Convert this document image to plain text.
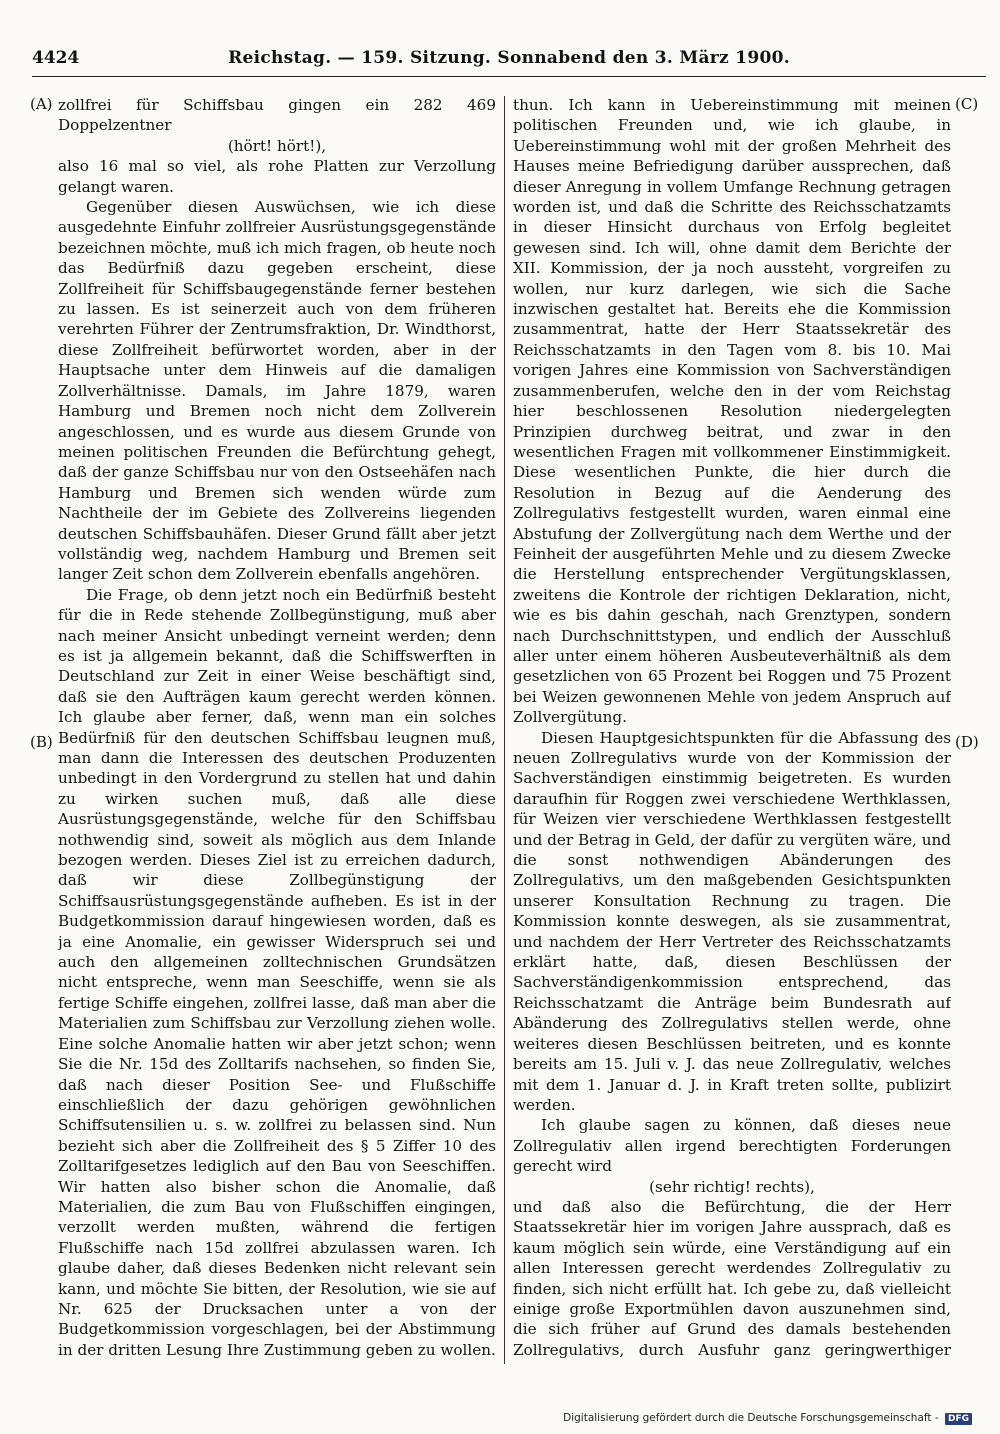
4424	Reichstag. — 159. Sitzung. Sonnabend den 3. März 1900.
(A)
(B)
(C)
(D)

zollfrei für Schiffsbau gingen ein 282 469 Doppelzentner

(hört! hört!),

also 16 mal so viel, als rohe Platten zur Verzollung gelangt waren.

Gegenüber diesen Auswüchsen, wie ich diese ausgedehnte Einfuhr zollfreier Ausrüstungsgegenstände bezeichnen möchte, muß ich mich fragen, ob heute noch das Bedürfniß dazu gegeben erscheint, diese Zollfreiheit für Schiffsbaugegenstände ferner bestehen zu lassen. Es ist seinerzeit auch von dem früheren verehrten Führer der Zentrumsfraktion, Dr. Windthorst, diese Zollfreiheit befürwortet worden, aber in der Hauptsache unter dem Hinweis auf die damaligen Zollverhältnisse. Damals, im Jahre 1879, waren Hamburg und Bremen noch nicht dem Zollverein angeschlossen, und es wurde aus diesem Grunde von meinen politischen Freunden die Befürchtung gehegt, daß der ganze Schiffsbau nur von den Ostseehäfen nach Hamburg und Bremen sich wenden würde zum Nachtheile der im Gebiete des Zollvereins liegenden deutschen Schiffsbauhäfen. Dieser Grund fällt aber jetzt vollständig weg, nachdem Hamburg und Bremen seit langer Zeit schon dem Zollverein ebenfalls angehören.

Die Frage, ob denn jetzt noch ein Bedürfniß besteht für die in Rede stehende Zollbegünstigung, muß aber nach meiner Ansicht unbedingt verneint werden; denn es ist ja allgemein bekannt, daß die Schiffswerften in Deutschland zur Zeit in einer Weise beschäftigt sind, daß sie den Aufträgen kaum gerecht werden können. Ich glaube aber ferner, daß, wenn man ein solches Bedürfniß für den deutschen Schiffsbau leugnen muß, man dann die Interessen des deutschen Produzenten unbedingt in den Vordergrund zu stellen hat und dahin zu wirken suchen muß, daß alle diese Ausrüstungsgegenstände, welche für den Schiffsbau nothwendig sind, soweit als möglich aus dem Inlande bezogen werden. Dieses Ziel ist zu erreichen dadurch, daß wir diese Zollbegünstigung der Schiffsausrüstungsgegenstände aufheben. Es ist in der Budgetkommission darauf hingewiesen worden, daß es ja eine Anomalie, ein gewisser Widerspruch sei und auch den allgemeinen zolltechnischen Grundsätzen nicht entspreche, wenn man Seeschiffe, wenn sie als fertige Schiffe eingehen, zollfrei lasse, daß man aber die Materialien zum Schiffsbau zur Verzollung ziehen wolle. Eine solche Anomalie hatten wir aber jetzt schon; wenn Sie die Nr. 15d des Zolltarifs nachsehen, so finden Sie, daß nach dieser Position See- und Flußschiffe einschließlich der dazu gehörigen gewöhnlichen Schiffsutensilien u. s. w. zollfrei zu belassen sind. Nun bezieht sich aber die Zollfreiheit des § 5 Ziffer 10 des Zolltarifgesetzes lediglich auf den Bau von Seeschiffen. Wir hatten also bisher schon die Anomalie, daß Materialien, die zum Bau von Flußschiffen eingingen, verzollt werden mußten, während die fertigen Flußschiffe nach 15d zollfrei abzulassen waren. Ich glaube daher, daß dieses Bedenken nicht relevant sein kann, und möchte Sie bitten, der Resolution, wie sie auf Nr. 625 der Drucksachen unter a von der Budgetkommission vorgeschlagen, bei der Abstimmung in der dritten Lesung Ihre Zustimmung geben zu wollen.

thun. Ich kann in Uebereinstimmung mit meinen politischen Freunden und, wie ich glaube, in Uebereinstimmung wohl mit der großen Mehrheit des Hauses meine Befriedigung darüber aussprechen, daß dieser Anregung in vollem Umfange Rechnung getragen worden ist, und daß die Schritte des Reichsschatzamts in dieser Hinsicht durchaus von Erfolg begleitet gewesen sind. Ich will, ohne damit dem Berichte der XII. Kommission, der ja noch aussteht, vorgreifen zu wollen, nur kurz darlegen, wie sich die Sache inzwischen gestaltet hat. Bereits ehe die Kommission zusammentrat, hatte der Herr Staatssekretär des Reichsschatzamts in den Tagen vom 8. bis 10. Mai vorigen Jahres eine Kommission von Sachverständigen zusammenberufen, welche den in der vom Reichstag hier beschlossenen Resolution niedergelegten Prinzipien durchweg beitrat, und zwar in den wesentlichen Fragen mit vollkommener Einstimmigkeit. Diese wesentlichen Punkte, die hier durch die Resolution in Bezug auf die Aenderung des Zollregulativs festgestellt wurden, waren einmal eine Abstufung der Zollvergütung nach dem Werthe und der Feinheit der ausgeführten Mehle und zu diesem Zwecke die Herstellung entsprechender Vergütungsklassen, zweitens die Kontrole der richtigen Deklaration, nicht, wie es bis dahin geschah, nach Grenztypen, sondern nach Durchschnittstypen, und endlich der Ausschluß aller unter einem höheren Ausbeuteverhältniß als dem gesetzlichen von 65 Prozent bei Roggen und 75 Prozent bei Weizen gewonnenen Mehle von jedem Anspruch auf Zollvergütung.

Diesen Hauptgesichtspunkten für die Abfassung des neuen Zollregulativs wurde von der Kommission der Sachverständigen einstimmig beigetreten. Es wurden daraufhin für Roggen zwei verschiedene Werthklassen, für Weizen vier verschiedene Werthklassen festgestellt und der Betrag in Geld, der dafür zu vergüten wäre, und die sonst nothwendigen Abänderungen des Zollregulativs, um den maßgebenden Gesichtspunkten unserer Konsultation Rechnung zu tragen. Die Kommission konnte deswegen, als sie zusammentrat, und nachdem der Herr Vertreter des Reichsschatzamts erklärt hatte, daß, diesen Beschlüssen der Sachverständigenkommission entsprechend, das Reichsschatzamt die Anträge beim Bundesrath auf Abänderung des Zollregulativs stellen werde, ohne weiteres diesen Beschlüssen beitreten, und es konnte bereits am 15. Juli v. J. das neue Zollregulativ, welches mit dem 1. Januar d. J. in Kraft treten sollte, publizirt werden.

Ich glaube sagen zu können, daß dieses neue Zollregulativ allen irgend berechtigten Forderungen gerecht wird

(sehr richtig! rechts),

und daß also die Befürchtung, die der Herr Staatssekretär hier im vorigen Jahre aussprach, daß es kaum möglich sein würde, eine Verständigung auf ein allen Interessen gerecht werdendes Zollregulativ zu finden, sich nicht erfüllt hat. Ich gebe zu, daß vielleicht einige große Exportmühlen davon auszunehmen sind, die sich früher auf Grund des damals bestehenden Zollregulativs, durch Ausfuhr ganz geringwerthiger

Digitalisierung gefördert durch die Deutsche Forschungsgemeinschaft - DFG
